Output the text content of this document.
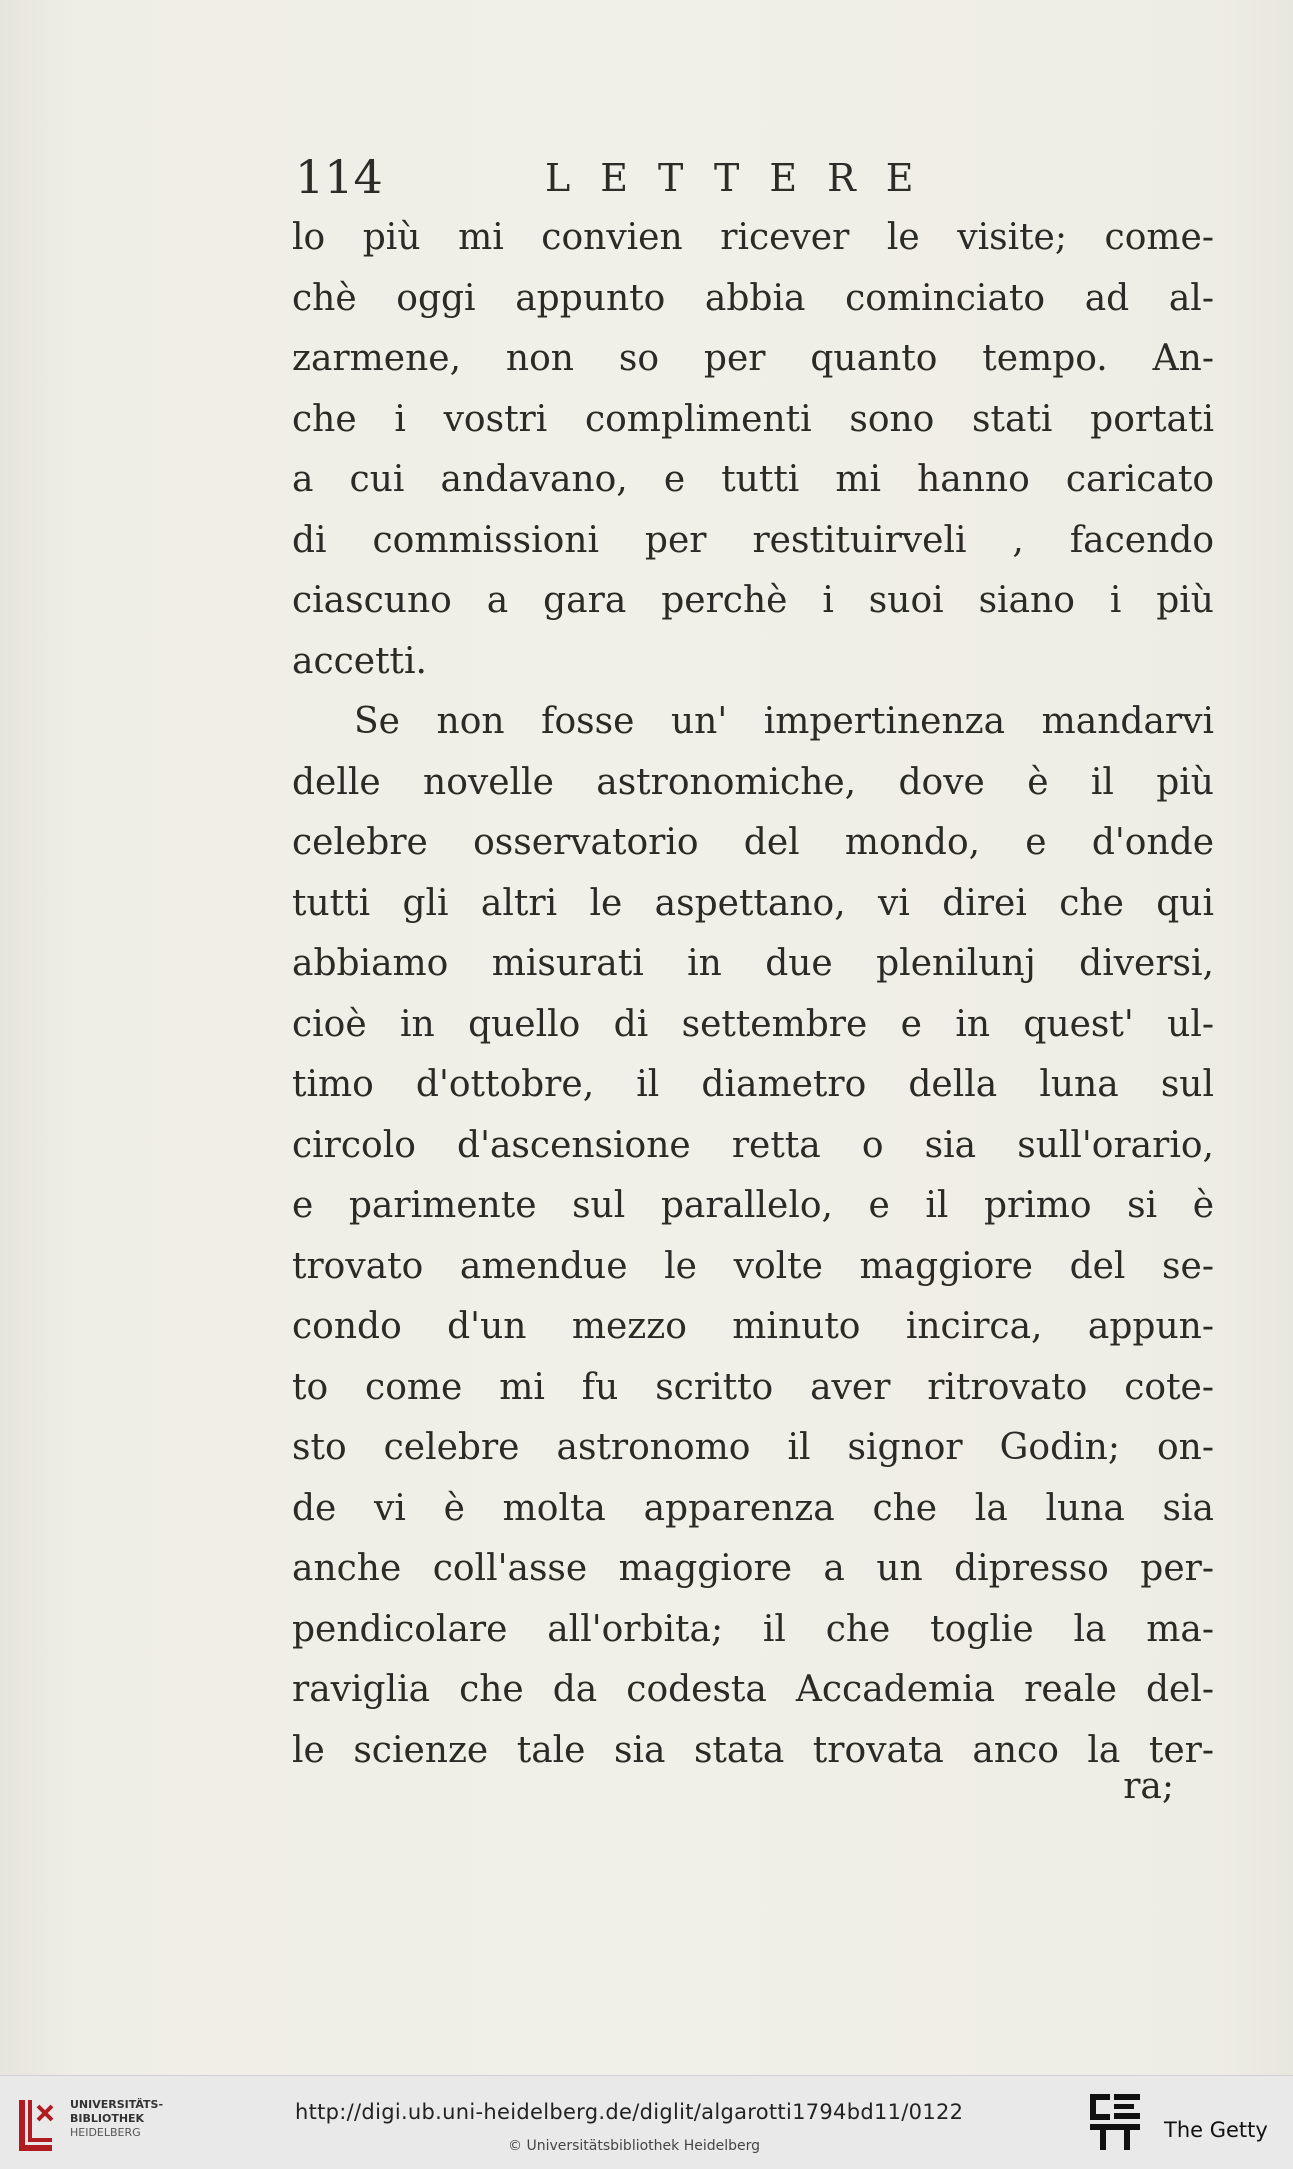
114	LETTERE
lo più mi convien ricever le visite; come-
chè oggi appunto abbia cominciato ad al-
zarmene, non so per quanto tempo. An-
che i vostri complimenti sono stati portati
a cui andavano, e tutti mi hanno caricato
di commissioni per restituirveli , facendo
ciascuno a gara perchè i suoi siano i più
accetti.
Se non fosse un' impertinenza mandarvi
delle novelle astronomiche, dove è il più
celebre osservatorio del mondo, e d'onde
tutti gli altri le aspettano, vi direi che qui
abbiamo misurati in due plenilunj diversi,
cioè in quello di settembre e in quest' ul-
timo d'ottobre, il diametro della luna sul
circolo d'ascensione retta o sia sull'orario,
e parimente sul parallelo, e il primo si è
trovato amendue le volte maggiore del se-
condo d'un mezzo minuto incirca, appun-
to come mi fu scritto aver ritrovato cote-
sto celebre astronomo il signor Godin; on-
de vi è molta apparenza che la luna sia
anche coll'asse maggiore a un dipresso per-
pendicolare all'orbita; il che toglie la ma-
raviglia che da codesta Accademia reale del-
le scienze tale sia stata trovata anco la ter-
ra;
UNIVERSITÄTS-
BIBLIOTHEK
HEIDELBERG
http://digi.ub.uni-heidelberg.de/diglit/algarotti1794bd11/0122
© Universitätsbibliothek Heidelberg
The Getty
